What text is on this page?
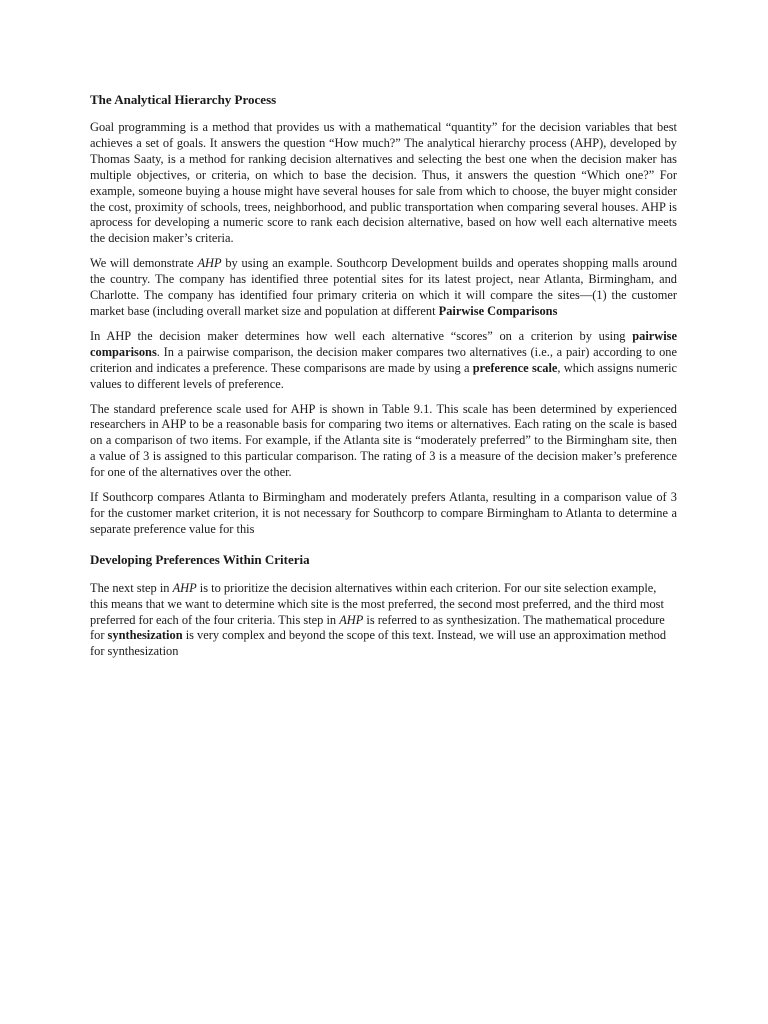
The Analytical Hierarchy Process

Goal programming is a method that provides us with a mathematical “quantity” for the decision variables that best achieves a set of goals. It answers the question “How much?” The analytical hierarchy process (AHP), developed by Thomas Saaty, is a method for ranking decision alternatives and selecting the best one when the decision maker has multiple objectives, or criteria, on which to base the decision. Thus, it answers the question “Which one?” For example, someone buying a house might have several houses for sale from which to choose, the buyer might consider the cost, proximity of schools, trees, neighborhood, and public transportation when comparing several houses. AHP is aprocess for developing a numeric score to rank each decision alternative, based on how well each alternative meets the decision maker’s criteria.

We will demonstrate AHP by using an example. Southcorp Development builds and operates shopping malls around the country. The company has identified three potential sites for its latest project, near Atlanta, Birmingham, and Charlotte. The company has identified four primary criteria on which it will compare the sites—(1) the customer market base (including overall market size and population at different Pairwise Comparisons

In AHP the decision maker determines how well each alternative “scores” on a criterion by using pairwise comparisons. In a pairwise comparison, the decision maker compares two alternatives (i.e., a pair) according to one criterion and indicates a preference. These comparisons are made by using a preference scale, which assigns numeric values to different levels of preference.

The standard preference scale used for AHP is shown in Table 9.1. This scale has been determined by experienced researchers in AHP to be a reasonable basis for comparing two items or alternatives. Each rating on the scale is based on a comparison of two items. For example, if the Atlanta site is “moderately preferred” to the Birmingham site, then a value of 3 is assigned to this particular comparison. The rating of 3 is a measure of the decision maker’s preference for one of the alternatives over the other.

If Southcorp compares Atlanta to Birmingham and moderately prefers Atlanta, resulting in a comparison value of 3 for the customer market criterion, it is not necessary for Southcorp to compare Birmingham to Atlanta to determine a separate preference value for this

Developing Preferences Within Criteria

The next step in AHP is to prioritize the decision alternatives within each criterion. For our site selection example, this means that we want to determine which site is the most preferred, the second most preferred, and the third most preferred for each of the four criteria. This step in AHP is referred to as synthesization. The mathematical procedure for synthesization is very complex and beyond the scope of this text. Instead, we will use an approximation method for synthesization
